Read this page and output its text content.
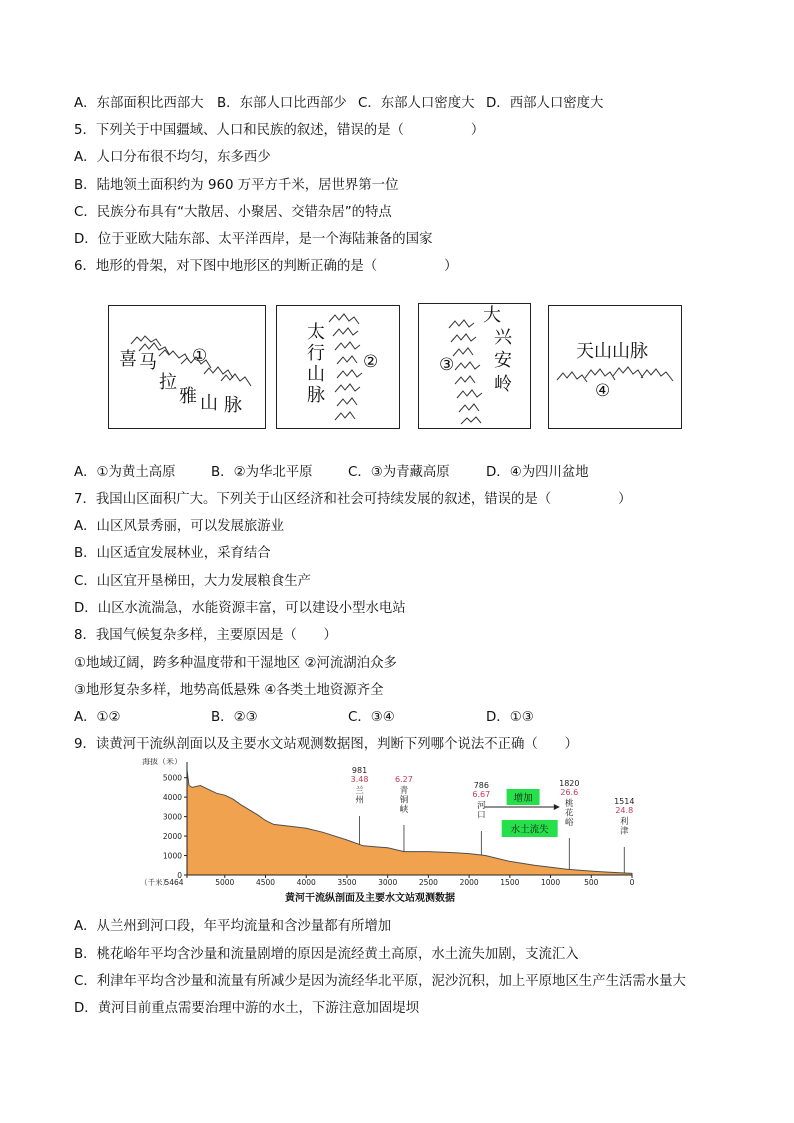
A．东部面积比西部大

B．东部人口比西部少

C．东部人口密度大

D．西部人口密度大

5．下列关于中国疆域、人口和民族的叙述，错误的是（　　　　　）
A．人口分布很不均匀，东多西少
B．陆地领土面积约为 960 万平方千米，居世界第一位
C．民族分布具有“大散居、小聚居、交错杂居”的特点
D．位于亚欧大陆东部、太平洋西岸，是一个海陆兼备的国家
6．地形的骨架，对下图中地形区的判断正确的是（　　　　　）
喜 马
拉
雅 山 脉
①
太
行
山
脉
②
大
兴
安
岭
③
天山山脉
④

A．①为黄土高原

	B．②为华北平原

	C．③为青藏高原

	D．④为四川盆地

7．我国山区面积广大。下列关于山区经济和社会可持续发展的叙述，错误的是（　　　　　）
A．山区风景秀丽，可以发展旅游业
B．山区适宜发展林业，采育结合
C．山区宜开垦梯田，大力发展粮食生产
D．山区水流湍急，水能资源丰富，可以建设小型水电站
8．我国气候复杂多样，主要原因是（　　）
①地域辽阔，跨多种温度带和干湿地区 ②河流湖泊众多
③地形复杂多样，地势高低悬殊 ④各类土地资源齐全

A．①②

	B．②③

	C．③④

	D．①③

9．读黄河干流纵剖面以及主要水文站观测数据图，判断下列哪个说法不正确（　　）
海拔（米）
5000
4000
3000
2000
1000
0
（千米）
5464	5000	4500	4000	3500	3000	2500	2000	1500	1000	500	0
981
3.48
兰州
6.27
青铜峡
786
6.67
河口
1820
26.6
桃花峪
1514
24.8
利津
增加
水土流失
黄河干流纵剖面及主要水文站观测数据
A．从兰州到河口段，年平均流量和含沙量都有所增加
B．桃花峪年平均含沙量和流量剧增的原因是流经黄土高原，水土流失加剧，支流汇入
C．利津年平均含沙量和流量有所减少是因为流经华北平原，泥沙沉积，加上平原地区生产生活需水量大
D．黄河目前重点需要治理中游的水土，下游注意加固堤坝
